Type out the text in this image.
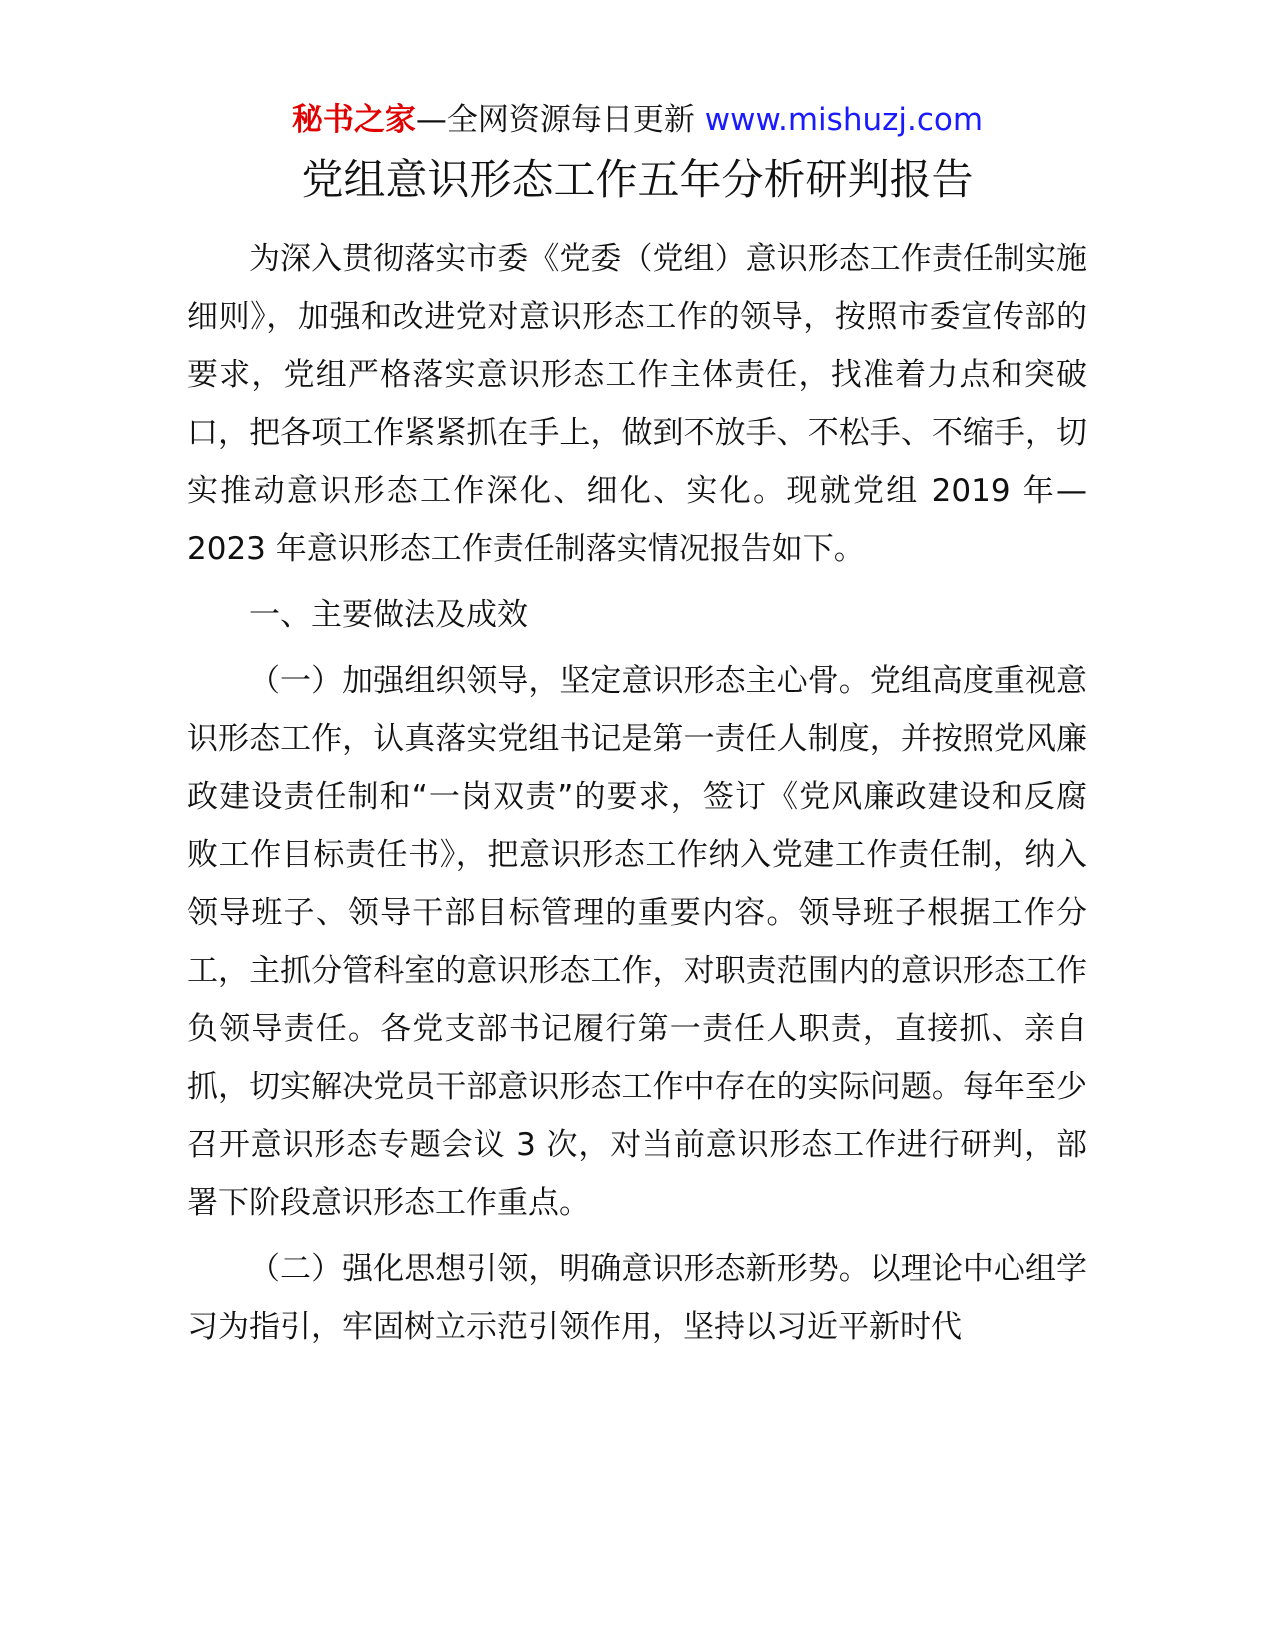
秘书之家—全网资源每日更新 www.mishuzj.com
党组意识形态工作五年分析研判报告

为深入贯彻落实市委《党委（党组）意识形态工作责任制实施细则》，加强和改进党对意识形态工作的领导，按照市委宣传部的要求，党组严格落实意识形态工作主体责任，找准着力点和突破口，把各项工作紧紧抓在手上，做到不放手、不松手、不缩手，切实推动意识形态工作深化、细化、实化。现就党组 2019 年—2023 年意识形态工作责任制落实情况报告如下。

一、主要做法及成效

（一）加强组织领导，坚定意识形态主心骨。党组高度重视意识形态工作，认真落实党组书记是第一责任人制度，并按照党风廉政建设责任制和“一岗双责”的要求，签订《党风廉政建设和反腐败工作目标责任书》，把意识形态工作纳入党建工作责任制，纳入领导班子、领导干部目标管理的重要内容。领导班子根据工作分工，主抓分管科室的意识形态工作，对职责范围内的意识形态工作负领导责任。各党支部书记履行第一责任人职责，直接抓、亲自抓，切实解决党员干部意识形态工作中存在的实际问题。每年至少召开意识形态专题会议 3 次，对当前意识形态工作进行研判，部署下阶段意识形态工作重点。

（二）强化思想引领，明确意识形态新形势。以理论中心组学习为指引，牢固树立示范引领作用，坚持以习近平新时代
